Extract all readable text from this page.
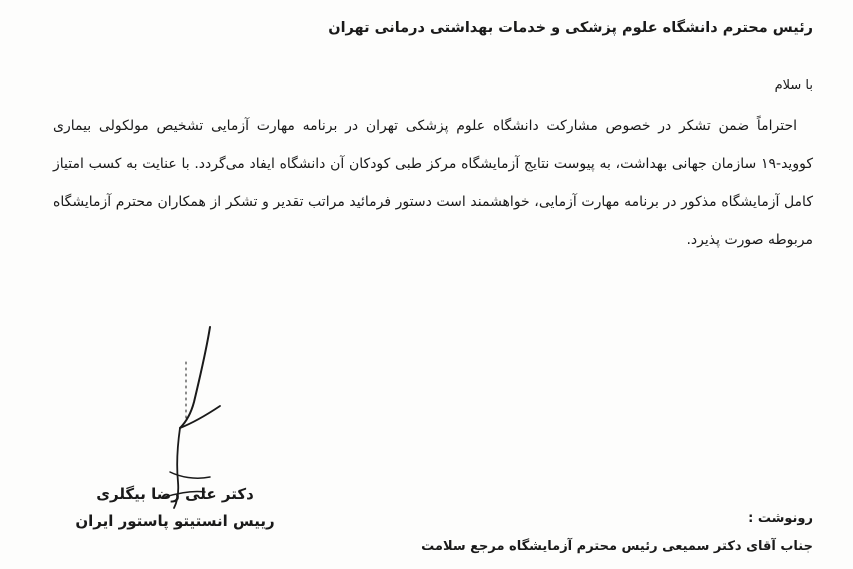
رئیس محترم دانشگاه علوم پزشکی و خدمات بهداشتی درمانی تهران
با سلام
احتراماً ضمن تشکر در خصوص مشارکت دانشگاه علوم پزشکی تهران در برنامه مهارت آزمایی تشخیص مولکولی بیماری کووید-۱۹ سازمان جهانی بهداشت، به پیوست نتایج آزمایشگاه مرکز طبی کودکان آن دانشگاه ایفاد می‌گردد. با عنایت به کسب امتیاز کامل آزمایشگاه مذکور در برنامه مهارت آزمایی، خواهشمند است دستور فرمائید مراتب تقدیر و تشکر از همکاران محترم آزمایشگاه مربوطه صورت پذیرد.
دکتر علی رضا بیگلری
رییس انستیتو پاستور ایران	رونوشت :
جناب آقای دکتر سمیعی رئیس محترم آزمایشگاه مرجع سلامت
